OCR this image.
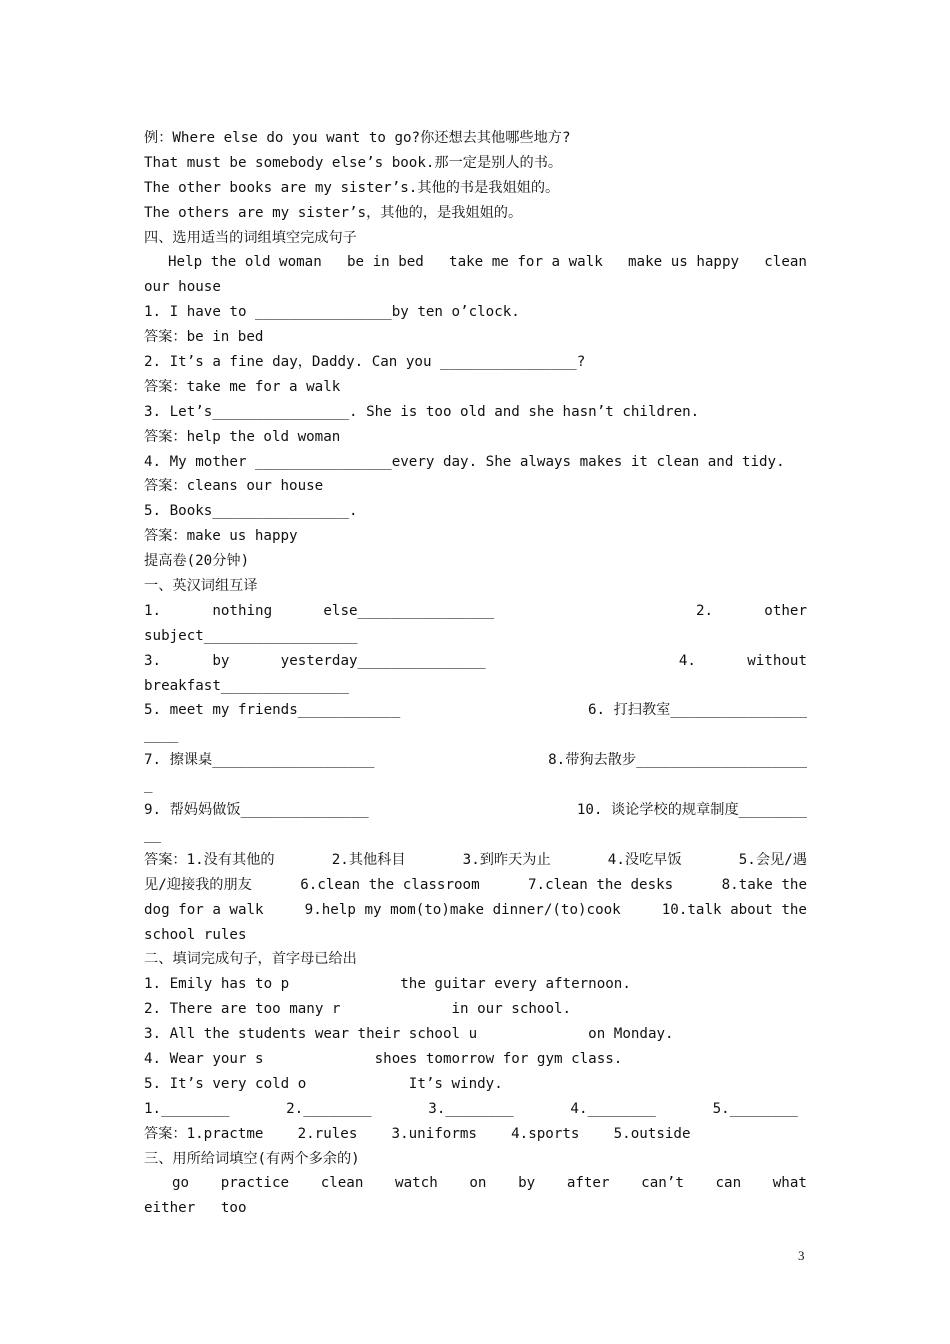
例：Where else do you want to go?你还想去其他哪些地方?
That must be somebody else’s book.那一定是别人的书。
The other books are my sister’s.其他的书是我姐姐的。
The others are my sister’s，其他的，是我姐姐的。
四、选用适当的词组填空完成句子
Help the old woman be in bed take me for a walk make us happy clean
our house
1. I have to ________________by ten o’clock.
答案：be in bed
2. It’s a fine day，Daddy. Can you ________________?
答案：take me for a walk
3. Let’s________________. She is too old and she hasn’t children.
答案：help the old woman
4. My mother ________________every day. She always makes it clean and tidy.
答案：cleans our house
5. Books________________.
答案：make us happy
提高卷(20分钟)
一、英汉词组互译
1.      nothing      else________________	2.      other
subject__________________
3.      by      yesterday_______________	4.      without
breakfast_______________
5. meet my friends____________	6. 打扫教室________________
____
7. 擦课桌___________________	8.带狗去散步____________________
_
9. 帮妈妈做饭_______________	10. 谈论学校的规章制度________
__
答案：1.没有其他的	2.其他科目	3.到昨天为止	4.没吃早饭	5.会见/遇
见/迎接我的朋友	6.clean the classroom	7.clean the desks	8.take the
dog for a walk	9.help my mom(to)make dinner/(to)cook	10.talk about the
school rules
二、填词完成句子，首字母已给出
1. Emily has to p             the guitar every afternoon.
2. There are too many r             in our school.
3. All the students wear their school u             on Monday.
4. Wear your s             shoes tomorrow for gym class.
5. It’s very cold o            It’s windy.
1.________	2.________	3.________	4.________	5.________
答案：1.practme    2.rules    3.uniforms    4.sports    5.outside
三、用所给词填空(有两个多余的)
go practice clean watch on by after can’t can what
either   too
3
